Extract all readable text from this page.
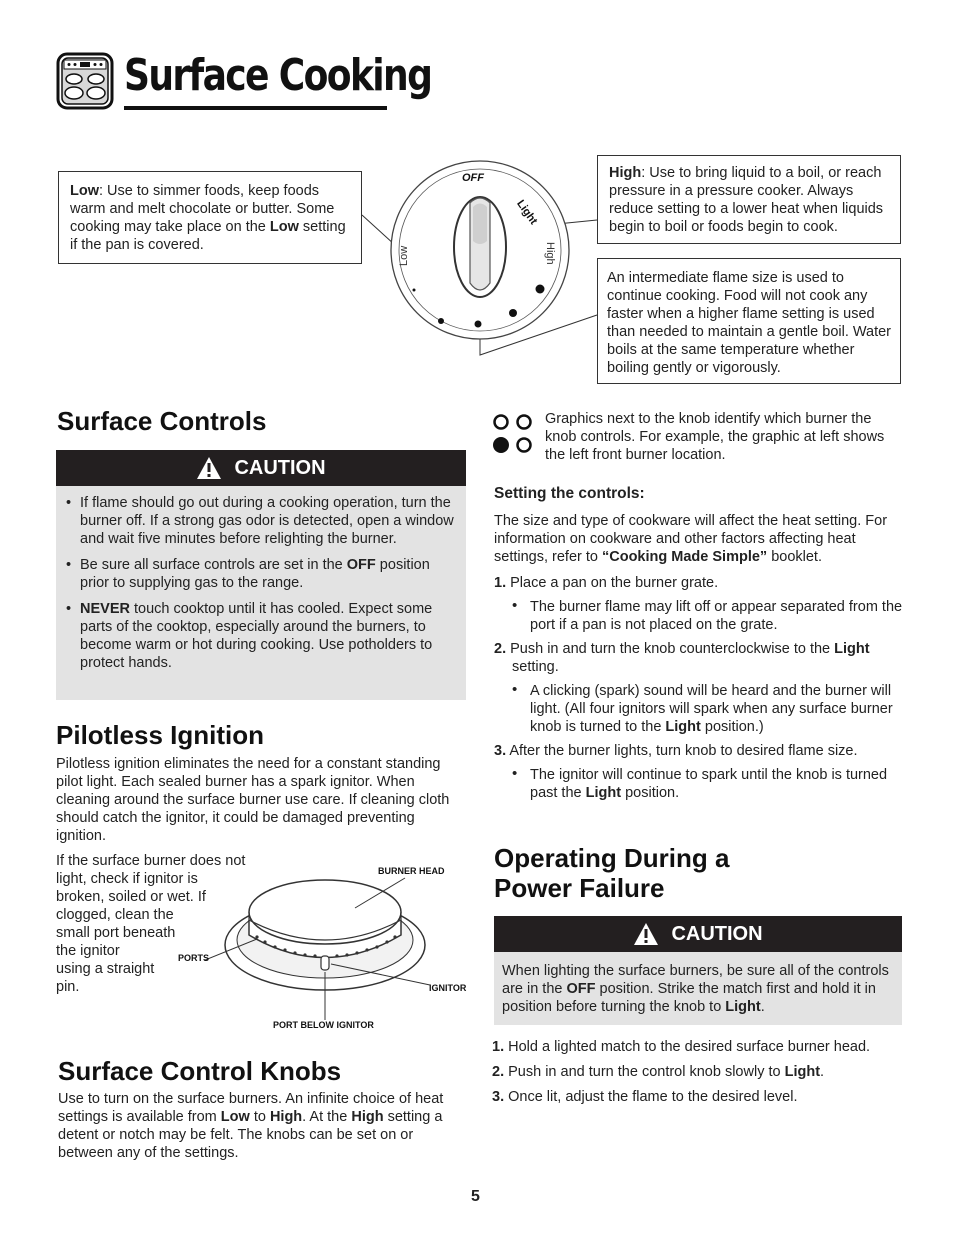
Surface Cooking
Low: Use to simmer foods, keep foods warm and melt chocolate or butter. Some cooking may take place on the Low setting if the pan is covered.
High: Use to bring liquid to a boil, or reach pressure in a pressure cooker. Always reduce setting to a lower heat when liquids begin to boil or foods begin to cook.
An intermediate flame size is used to continue cooking. Food will not cook any faster when a higher flame setting is used than needed to maintain a gentle boil. Water boils at the same temperature whether boiling gently or vigorously.
OFF
Light
Low	High
Surface Controls
CAUTION
• If flame should go out during a cooking operation, turn the burner off. If a strong gas odor is detected, open a window and wait five minutes before relighting the burner.
• Be sure all surface controls are set in the OFF position prior to supplying gas to the range.
• NEVER touch cooktop until it has cooled. Expect some parts of the cooktop, especially around the burners, to become warm or hot during cooking. Use potholders to protect hands.
Pilotless Ignition
Pilotless ignition eliminates the need for a constant standing pilot light. Each sealed burner has a spark ignitor. When cleaning around the surface burner use care. If cleaning cloth should catch the ignitor, it could be damaged preventing ignition.
If the surface burner does not
light, check if ignitor is
broken, soiled or wet. If
clogged, clean the
small port beneath
the ignitor
using a straight
pin.
BURNER HEAD
PORTS
IGNITOR
PORT BELOW IGNITOR
Surface Control Knobs
Use to turn on the surface burners. An infinite choice of heat settings is available from Low to High. At the High setting a detent or notch may be felt. The knobs can be set on or between any of the settings.
Graphics next to the knob identify which burner the knob controls. For example, the graphic at left shows the left front burner location.
Setting the controls:
The size and type of cookware will affect the heat setting. For information on cookware and other factors affecting heat settings, refer to “Cooking Made Simple” booklet.
1. Place a pan on the burner grate.
• The burner flame may lift off or appear separated from the port if a pan is not placed on the grate.
2. Push in and turn the knob counterclockwise to the Light setting.
• A clicking (spark) sound will be heard and the burner will light. (All four ignitors will spark when any surface burner knob is turned to the Light position.)
3. After the burner lights, turn knob to desired flame size.
• The ignitor will continue to spark until the knob is turned past the Light position.
Operating During a
Power Failure
CAUTION
When lighting the surface burners, be sure all of the controls are in the OFF position. Strike the match first and hold it in position before turning the knob to Light.
1. Hold a lighted match to the desired surface burner head.
2. Push in and turn the control knob slowly to Light.
3. Once lit, adjust the flame to the desired level.
5
